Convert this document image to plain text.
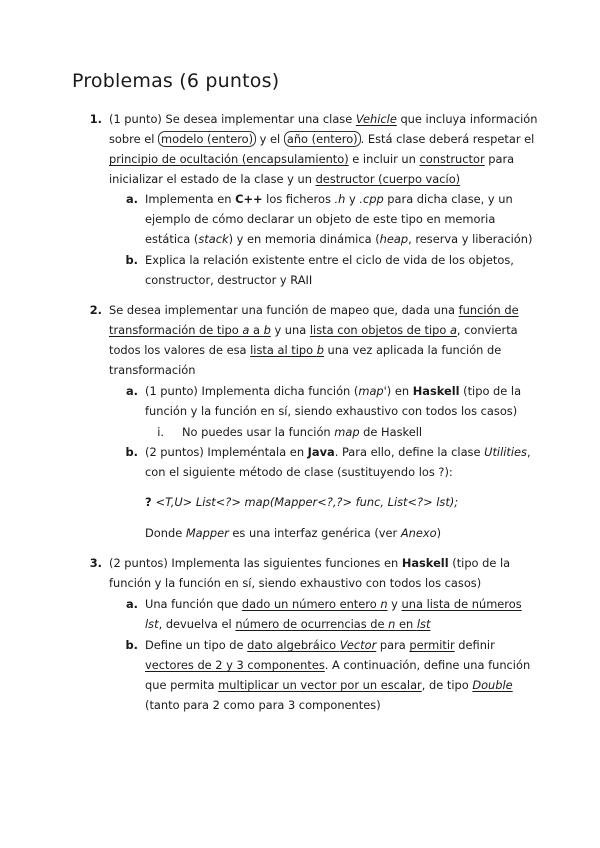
Problemas (6 puntos)
1. (1 punto) Se desea implementar una clase Vehicle que incluya información
sobre el modelo (entero) y el año (entero) . Está clase deberá respetar el
principio de ocultación (encapsulamiento) e incluir un constructor para
inicializar el estado de la clase y un destructor (cuerpo vacío)
a. Implementa en C++ los ficheros .h y .cpp para dicha clase, y un
ejemplo de cómo declarar un objeto de este tipo en memoria
estática (stack) y en memoria dinámica (heap, reserva y liberación)
b. Explica la relación existente entre el ciclo de vida de los objetos,
constructor, destructor y RAII
2. Se desea implementar una función de mapeo que, dada una función de
transformación de tipo a a b y una lista con objetos de tipo a, convierta
todos los valores de esa lista al tipo b una vez aplicada la función de
transformación
a. (1 punto) Implementa dicha función (map') en Haskell (tipo de la
función y la función en sí, siendo exhaustivo con todos los casos)
i. No puedes usar la función map de Haskell
b. (2 puntos) Impleméntala en Java. Para ello, define la clase Utilities,
con el siguiente método de clase (sustituyendo los ?):
? <T,U> List<?> map(Mapper<?,?> func, List<?> lst);
Donde Mapper es una interfaz genérica (ver Anexo)
3. (2 puntos) Implementa las siguientes funciones en Haskell (tipo de la
función y la función en sí, siendo exhaustivo con todos los casos)
a. Una función que dado un número entero n y una lista de números
lst, devuelva el número de ocurrencias de n en lst
b. Define un tipo de dato algebráico Vector para permitir definir
vectores de 2 y 3 componentes. A continuación, define una función
que permita multiplicar un vector por un escalar, de tipo Double
(tanto para 2 como para 3 componentes)
